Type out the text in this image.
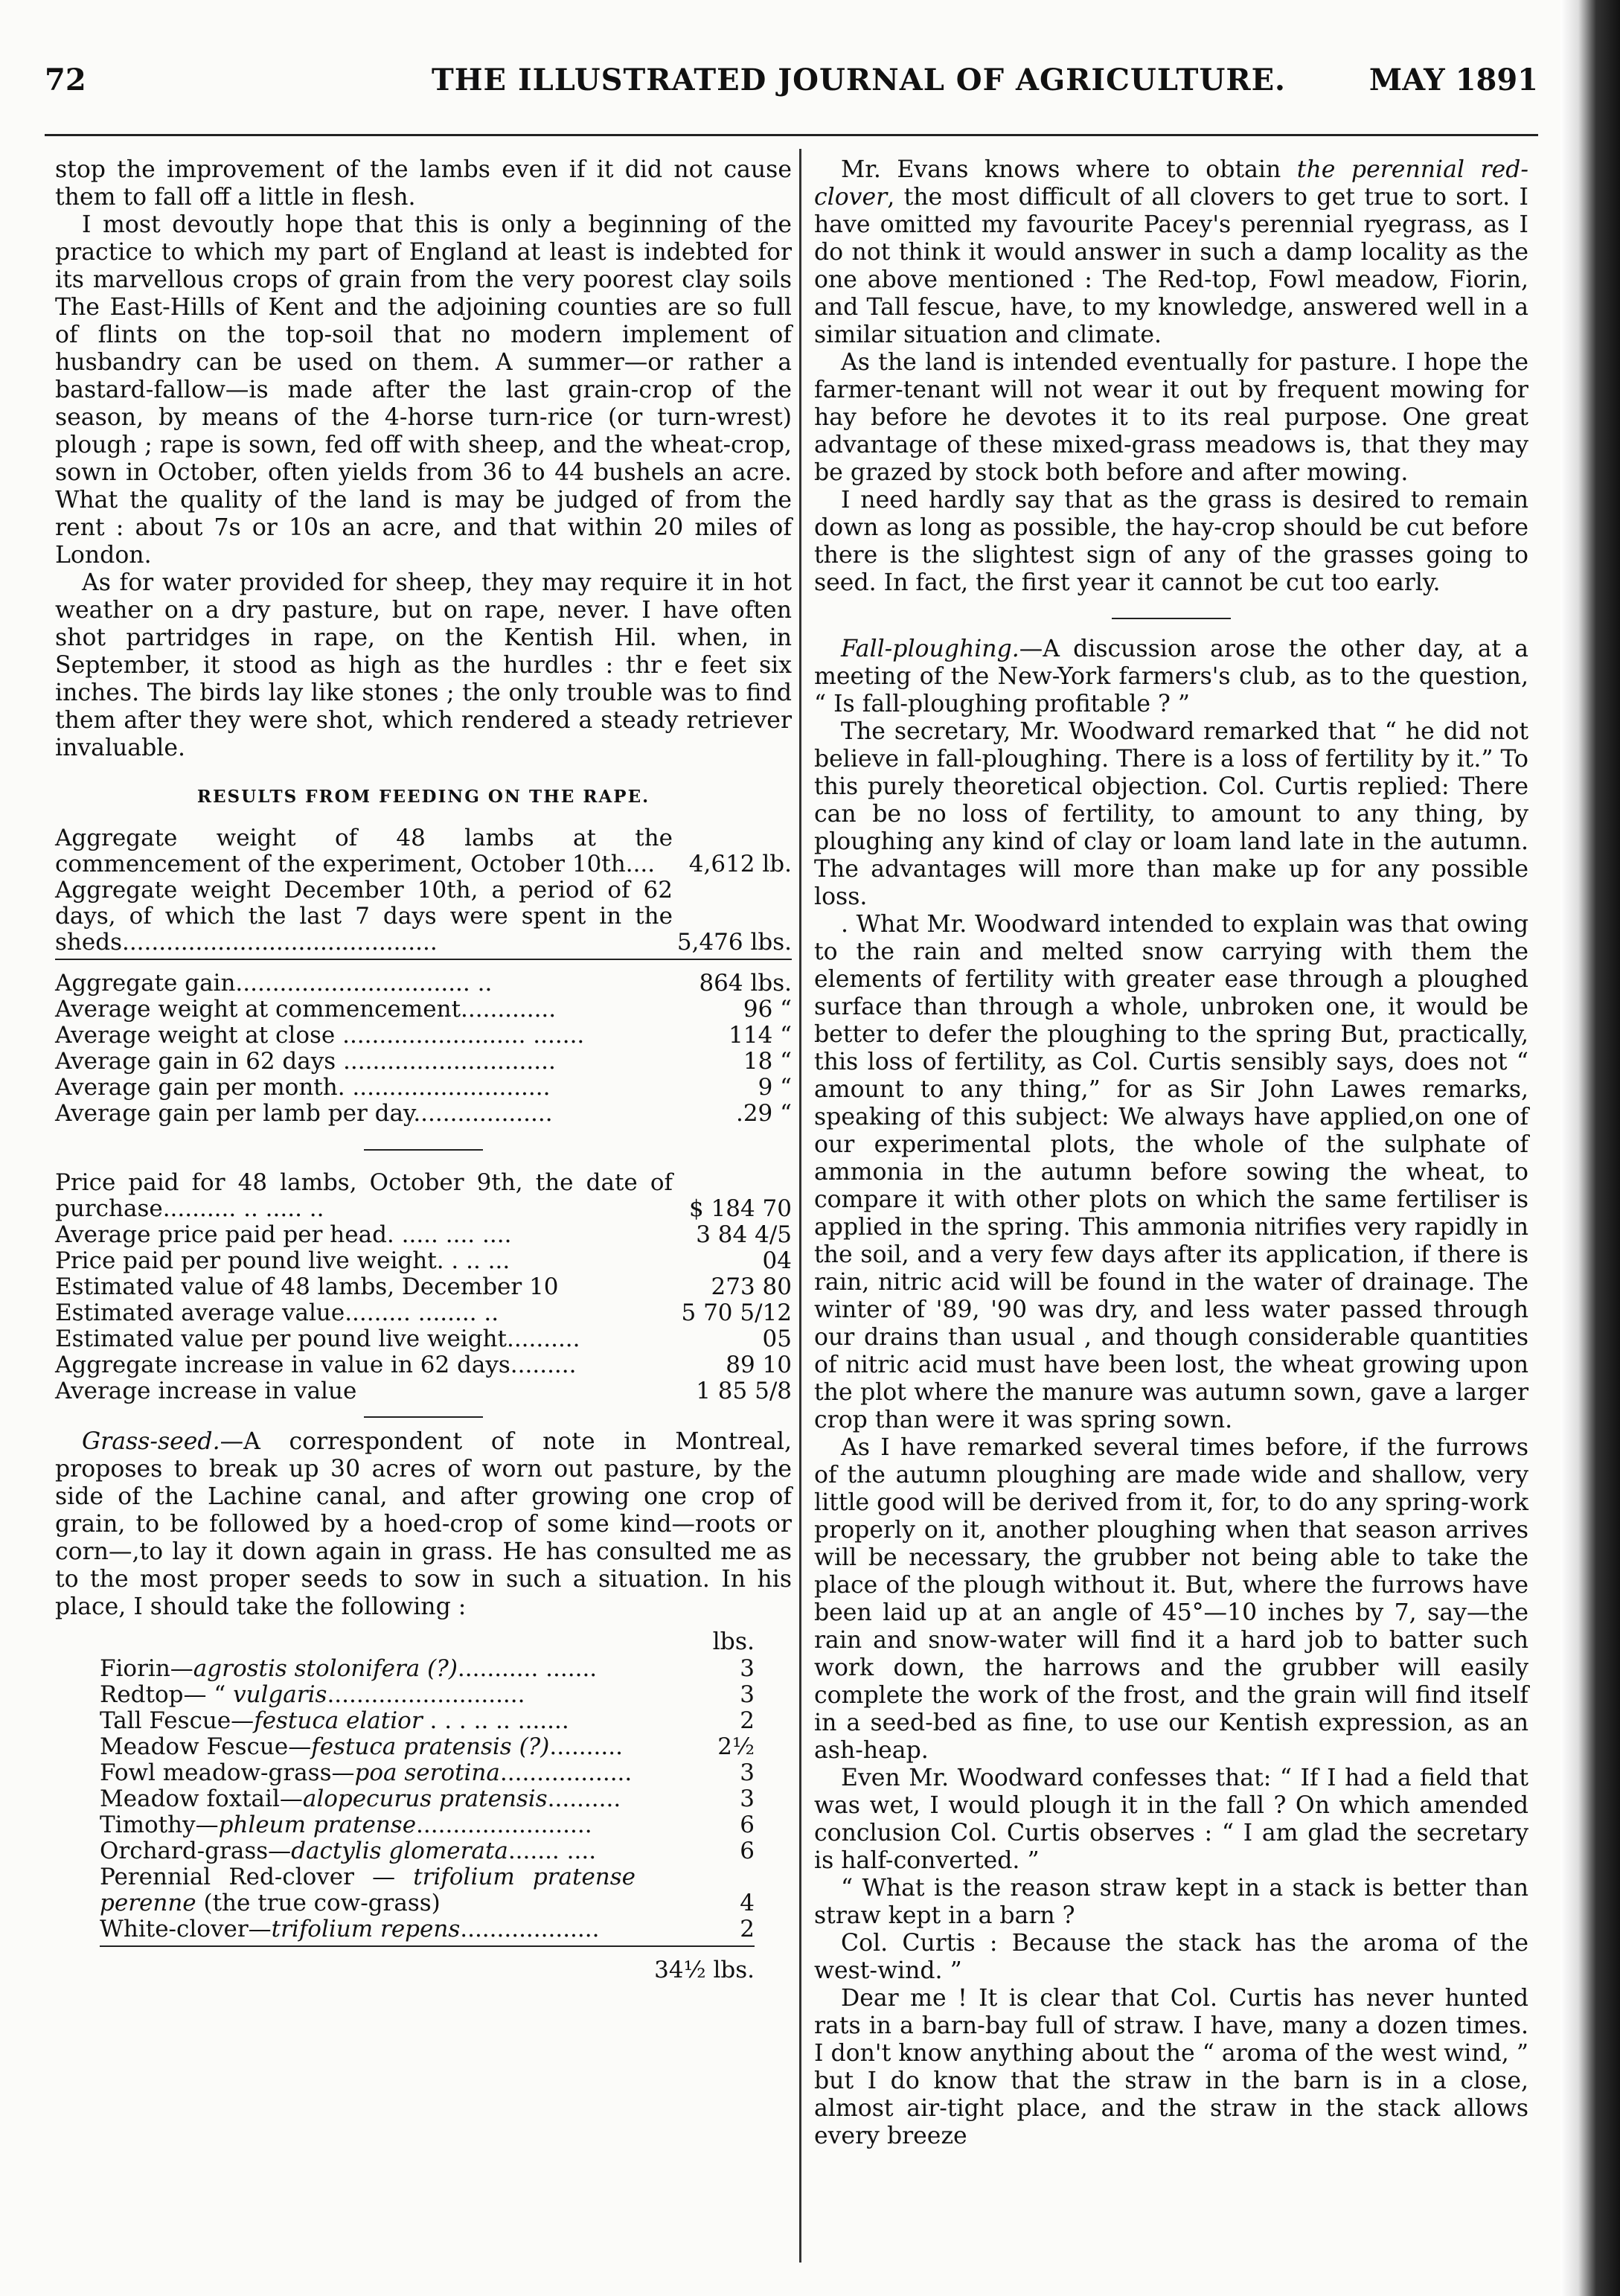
72	THE ILLUSTRATED JOURNAL OF AGRICULTURE.	MAY 1891

stop the improvement of the lambs even if it did not cause them to fall off a little in flesh.

I most devoutly hope that this is only a beginning of the practice to which my part of England at least is indebted for its marvellous crops of grain from the very poorest clay soils The East-Hills of Kent and the adjoining counties are so full of flints on the top-soil that no modern implement of husbandry can be used on them. A summer—or rather a bastard-fallow—is made after the last grain-crop of the season, by means of the 4-horse turn-rice (or turn-wrest) plough ; rape is sown, fed off with sheep, and the wheat-crop, sown in October, often yields from 36 to 44 bushels an acre. What the quality of the land is may be judged of from the rent : about 7s or 10s an acre, and that within 20 miles of London.

As for water provided for sheep, they may require it in hot weather on a dry pasture, but on rape, never. I have often shot partridges in rape, on the Kentish Hil. when, in September, it stood as high as the hurdles : thr e feet six inches. The birds lay like stones ; the only trouble was to find them after they were shot, which rendered a steady retriever invaluable.

RESULTS FROM FEEDING ON THE RAPE.
Aggregate weight of 48 lambs at the commencement of the experiment, October 10th....	4,612 lb.
Aggregate weight December 10th, a period of 62 days, of which the last 7 days were spent in the sheds...........................................	5,476 lbs.
Aggregate gain................................ ..	864 lbs.
Average weight at commencement.............	96 “
Average weight at close ......................... .......	114 “
Average gain in 62 days .............................	18 “
Average gain per month. ...........................	9 “
Average gain per lamb per day...................	.29 “
Price paid for 48 lambs, October 9th, the date of purchase.......... .. ..... ..	$ 184 70
Average price paid per head. ..... .... ....	3 84 4/5
Price paid per pound live weight. . .. ...	04
Estimated value of 48 lambs, December 10	273 80
Estimated average value......... ........ ..	5 70 5/12
Estimated value per pound live weight..........	05
Aggregate increase in value in 62 days.........	89 10
Average increase in value	1 85 5/8

Grass-seed.—A correspondent of note in Montreal, proposes to break up 30 acres of worn out pasture, by the side of the Lachine canal, and after growing one crop of grain, to be followed by a hoed-crop of some kind—roots or corn—,to lay it down again in grass. He has consulted me as to the most proper seeds to sow in such a situation. In his place, I should take the following :

lbs.
Fiorin—agrostis stolonifera (?)........... .......	3
Redtop— “ vulgaris...........................	3
Tall Fescue—festuca elatior . . . .. .. .......	2
Meadow Fescue—festuca pratensis (?)..........	2½
Fowl meadow-grass—poa serotina..................	3
Meadow foxtail—alopecurus pratensis..........	3
Timothy—phleum pratense........................	6
Orchard-grass—dactylis glomerata....... ....	6
Perennial Red-clover — trifolium pratense perenne (the true cow-grass)	4
White-clover—trifolium repens...................	2
	34½ lbs.

Mr. Evans knows where to obtain the perennial red-clover, the most difficult of all clovers to get true to sort. I have omitted my favourite Pacey's perennial ryegrass, as I do not think it would answer in such a damp locality as the one above mentioned : The Red-top, Fowl meadow, Fiorin, and Tall fescue, have, to my knowledge, answered well in a similar situation and climate.

As the land is intended eventually for pasture. I hope the farmer-tenant will not wear it out by frequent mowing for hay before he devotes it to its real purpose. One great advantage of these mixed-grass meadows is, that they may be grazed by stock both before and after mowing.

I need hardly say that as the grass is desired to remain down as long as possible, the hay-crop should be cut before there is the slightest sign of any of the grasses going to seed. In fact, the first year it cannot be cut too early.

Fall-ploughing.—A discussion arose the other day, at a meeting of the New-York farmers's club, as to the question, “ Is fall-ploughing profitable ? ”

The secretary, Mr. Woodward remarked that “ he did not believe in fall-ploughing. There is a loss of fertility by it.” To this purely theoretical objection. Col. Curtis replied: There can be no loss of fertility, to amount to any thing, by ploughing any kind of clay or loam land late in the autumn. The advantages will more than make up for any possible loss.

. What Mr. Woodward intended to explain was that owing to the rain and melted snow carrying with them the elements of fertility with greater ease through a ploughed surface than through a whole, unbroken one, it would be better to defer the ploughing to the spring But, practically, this loss of fertility, as Col. Curtis sensibly says, does not “ amount to any thing,” for as Sir John Lawes remarks, speaking of this subject: We always have applied,on one of our experimental plots, the whole of the sulphate of ammonia in the autumn before sowing the wheat, to compare it with other plots on which the same fertiliser is applied in the spring. This ammonia nitrifies very rapidly in the soil, and a very few days after its application, if there is rain, nitric acid will be found in the water of drainage. The winter of '89, '90 was dry, and less water passed through our drains than usual , and though considerable quantities of nitric acid must have been lost, the wheat growing upon the plot where the manure was autumn sown, gave a larger crop than were it was spring sown.

As I have remarked several times before, if the furrows of the autumn ploughing are made wide and shallow, very little good will be derived from it, for, to do any spring-work properly on it, another ploughing when that season arrives will be necessary, the grubber not being able to take the place of the plough without it. But, where the furrows have been laid up at an angle of 45°—10 inches by 7, say—the rain and snow-water will find it a hard job to batter such work down, the harrows and the grubber will easily complete the work of the frost, and the grain will find itself in a seed-bed as fine, to use our Kentish expression, as an ash-heap.

Even Mr. Woodward confesses that: “ If I had a field that was wet, I would plough it in the fall ? On which amended conclusion Col. Curtis observes : “ I am glad the secretary is half-converted. ”

“ What is the reason straw kept in a stack is better than straw kept in a barn ?

Col. Curtis : Because the stack has the aroma of the west-wind. ”

Dear me ! It is clear that Col. Curtis has never hunted rats in a barn-bay full of straw. I have, many a dozen times. I don't know anything about the “ aroma of the west wind, ” but I do know that the straw in the barn is in a close, almost air-tight place, and the straw in the stack allows every breeze
